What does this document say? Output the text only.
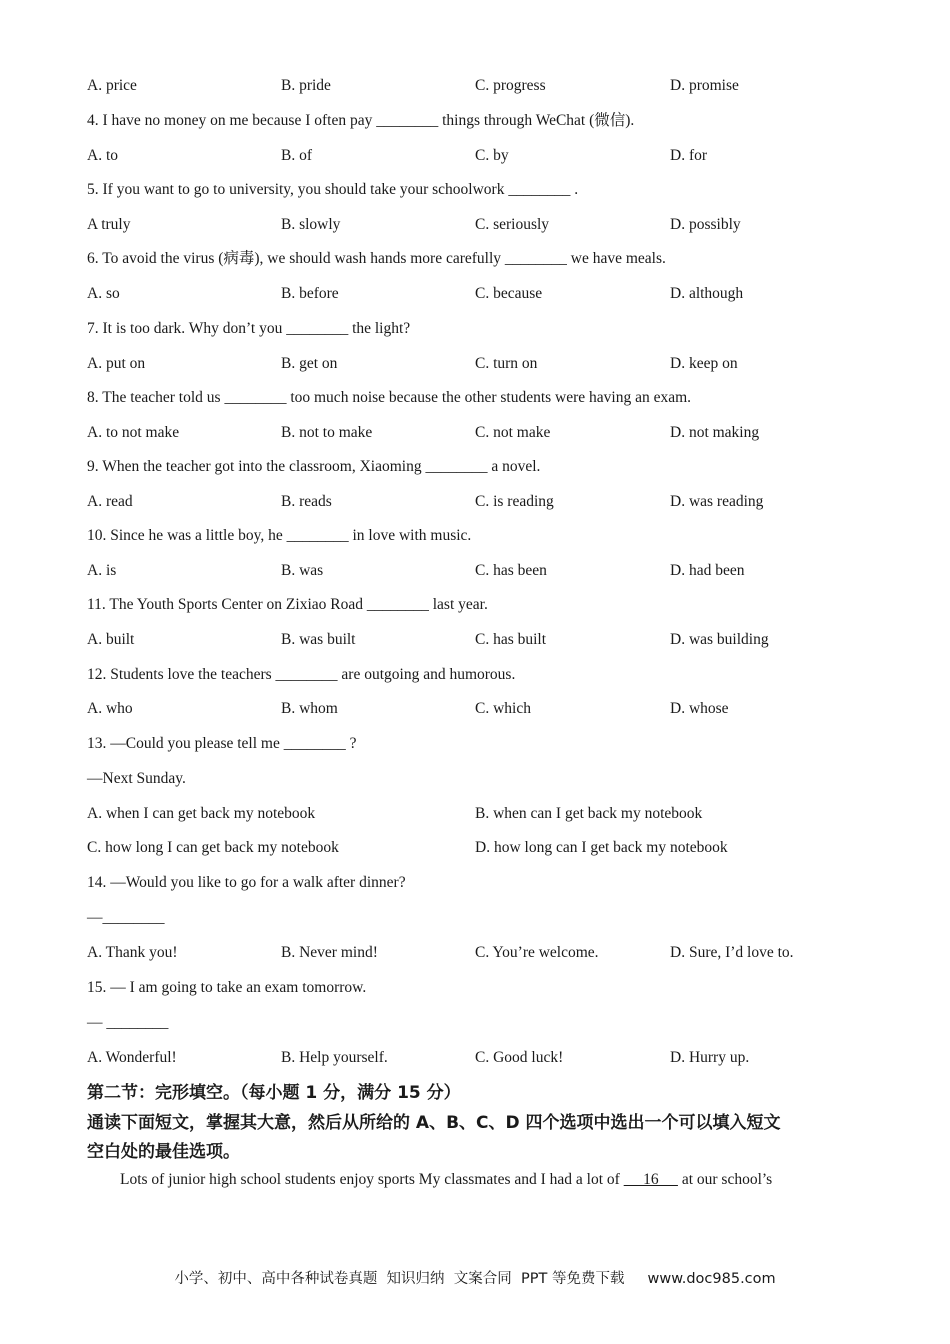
A. price	B. pride	C. progress	D. promise
4. I have no money on me because I often pay ________ things through WeChat (微信).
A. to	B. of	C. by	D. for
5. If you want to go to university, you should take your schoolwork ________ .
A truly	B. slowly	C. seriously	D. possibly
6. To avoid the virus (病毒), we should wash hands more carefully ________ we have meals.
A. so	B. before	C. because	D. although
7. It is too dark. Why don’t you ________ the light?
A. put on	B. get on	C. turn on	D. keep on
8. The teacher told us ________ too much noise because the other students were having an exam.
A. to not make	B. not to make	C. not make	D. not making
9. When the teacher got into the classroom, Xiaoming ________ a novel.
A. read	B. reads	C. is reading	D. was reading
10. Since he was a little boy, he ________ in love with music.
A. is	B. was	C. has been	D. had been
11. The Youth Sports Center on Zixiao Road ________ last year.
A. built	B. was built	C. has built	D. was building
12. Students love the teachers ________ are outgoing and humorous.
A. who	B. whom	C. which	D. whose
13. —Could you please tell me ________ ?
—Next Sunday.
A. when I can get back my notebook	B. when can I get back my notebook
C. how long I can get back my notebook	D. how long can I get back my notebook
14. —Would you like to go for a walk after dinner?
—________
A. Thank you!	B. Never mind!	C. You’re welcome.	D. Sure, I’d love to.
15. — I am going to take an exam tomorrow.
— ________
A. Wonderful!	B. Help yourself.	C. Good luck!	D. Hurry up.
第二节：完形填空。（每小题 1 分，满分 15 分）
通读下面短文，掌握其大意，然后从所给的 A、B、C、D 四个选项中选出一个可以填入短文
空白处的最佳选项。
Lots of junior high school students enjoy sports My classmates and I had a lot of      16      at our school’s
小学、初中、高中各种试卷真题  知识归纳  文案合同  PPT 等免费下载     www.doc985.com
